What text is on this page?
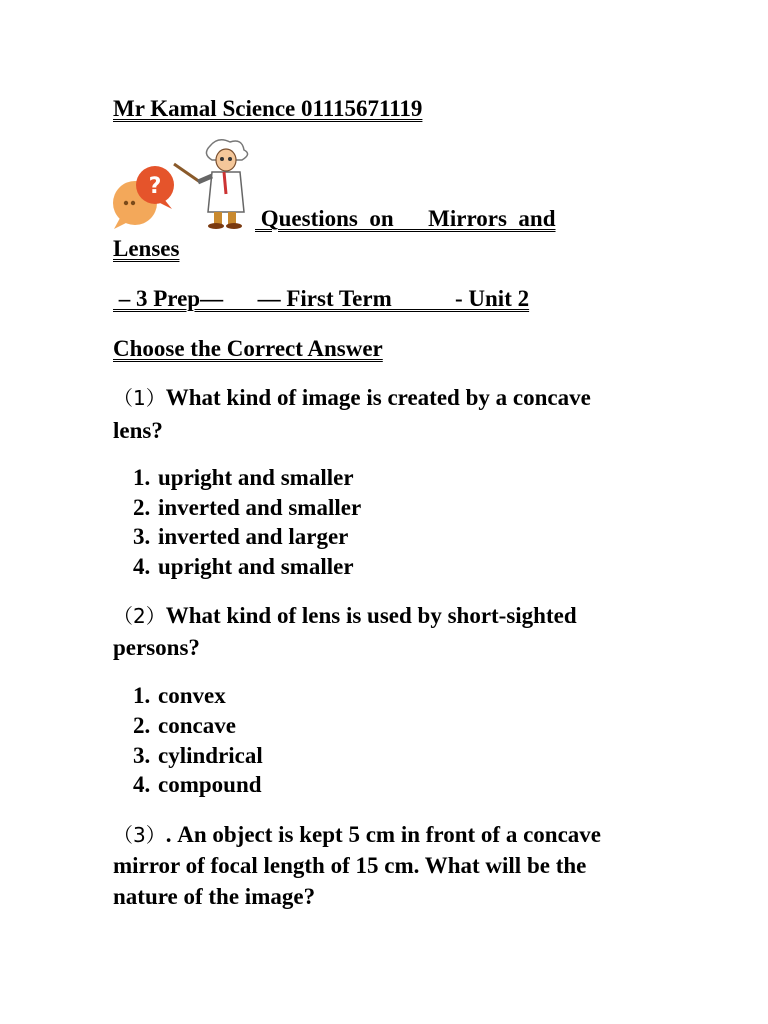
Mr Kamal Science 01115671119
?
Questions  on      Mirrors  and
Lenses
– 3 Prep—      — First Term           - Unit 2
Choose the Correct Answer
（1）What kind of image is created by a concave
lens?
1. upright and smaller
2. inverted and smaller
3. inverted and larger
4. upright and smaller
（2）What kind of lens is used by short-sighted
persons?
1. convex
2. concave
3. cylindrical
4. compound
（3）. An object is kept 5 cm in front of a concave
mirror of focal length of 15 cm. What will be the
nature of the image?
